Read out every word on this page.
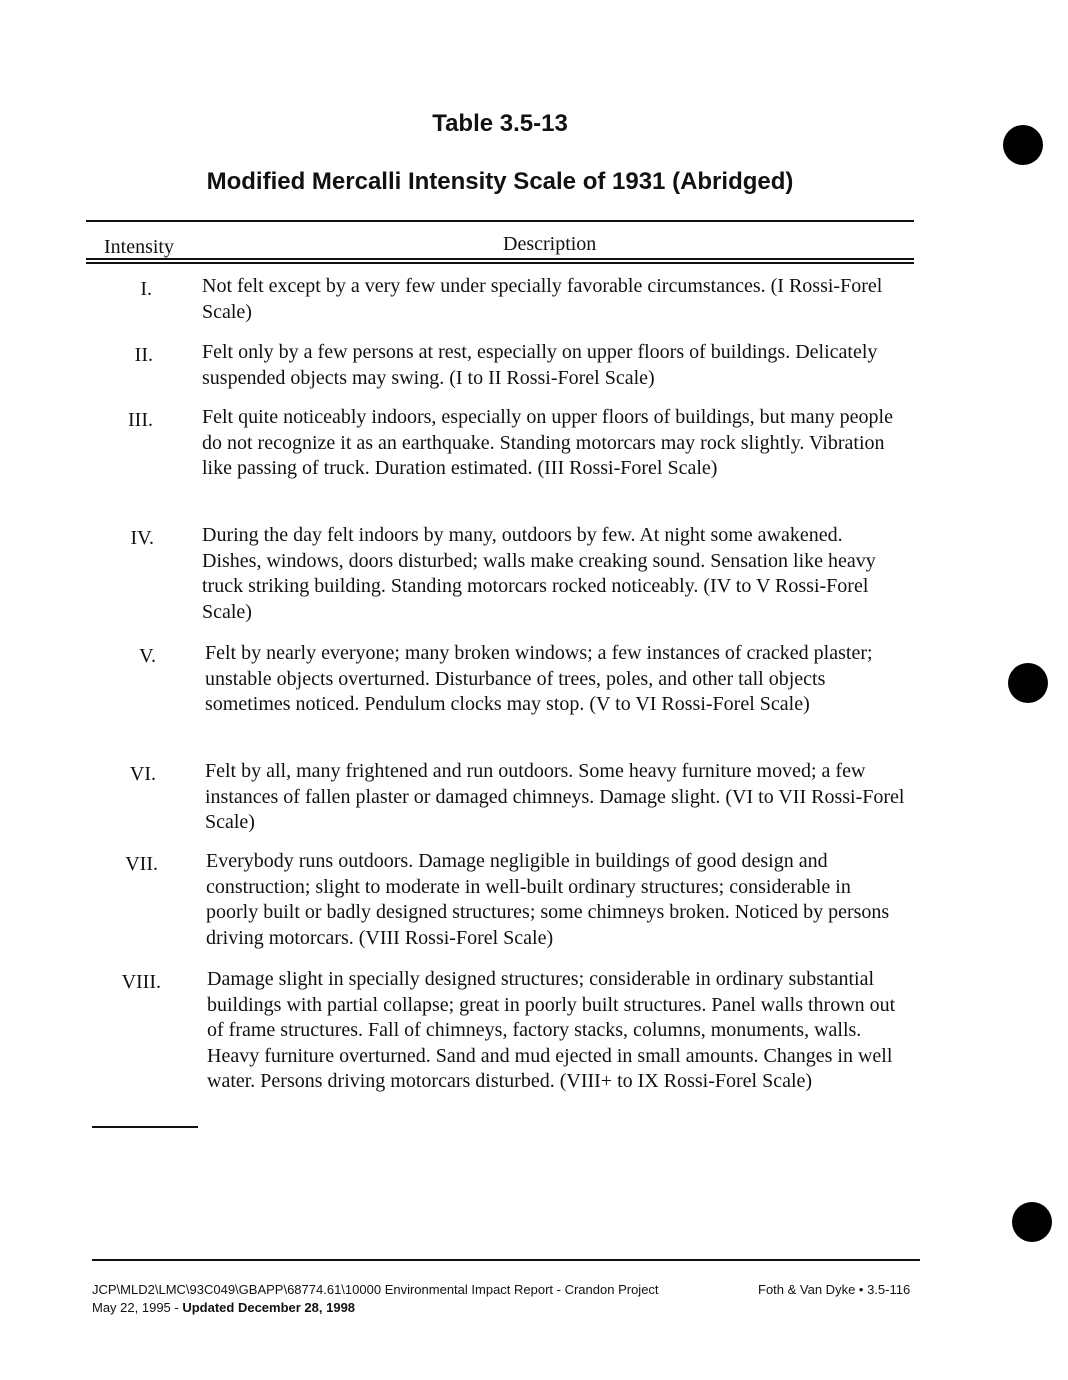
Table 3.5-13
Modified Mercalli Intensity Scale of 1931 (Abridged)
Intensity	Description
I.	Not felt except by a very few under specially favorable circumstances. (I Rossi-Forel Scale)
II. Felt only by a few persons at rest, especially on upper floors of buildings. Delicately suspended objects may swing. (I to II Rossi-Forel Scale)
III. Felt quite noticeably indoors, especially on upper floors of buildings, but many people do not recognize it as an earthquake. Standing motorcars may rock slightly. Vibration like passing of truck. Duration estimated. (III Rossi-Forel Scale)
IV. During the day felt indoors by many, outdoors by few. At night some awakened. Dishes, windows, doors disturbed; walls make creaking sound. Sensation like heavy truck striking building. Standing motorcars rocked noticeably. (IV to V Rossi-Forel Scale)
V. Felt by nearly everyone; many broken windows; a few instances of cracked plaster; unstable objects overturned. Disturbance of trees, poles, and other tall objects sometimes noticed. Pendulum clocks may stop. (V to VI Rossi-Forel Scale)
VI. Felt by all, many frightened and run outdoors. Some heavy furniture moved; a few instances of fallen plaster or damaged chimneys. Damage slight. (VI to VII Rossi-Forel Scale)
VII. Everybody runs outdoors. Damage negligible in buildings of good design and construction; slight to moderate in well-built ordinary structures; considerable in poorly built or badly designed structures; some chimneys broken. Noticed by persons driving motorcars. (VIII Rossi-Forel Scale)
VIII. Damage slight in specially designed structures; considerable in ordinary substantial buildings with partial collapse; great in poorly built structures. Panel walls thrown out of frame structures. Fall of chimneys, factory stacks, columns, monuments, walls. Heavy furniture overturned. Sand and mud ejected in small amounts. Changes in well water. Persons driving motorcars disturbed. (VIII+ to IX Rossi-Forel Scale)
JCP\MLD2\LMC\93C049\GBAPP\68774.61\10000 Environmental Impact Report - Crandon Project
May 22, 1995 - Updated December 28, 1998
Foth & Van Dyke • 3.5-116
